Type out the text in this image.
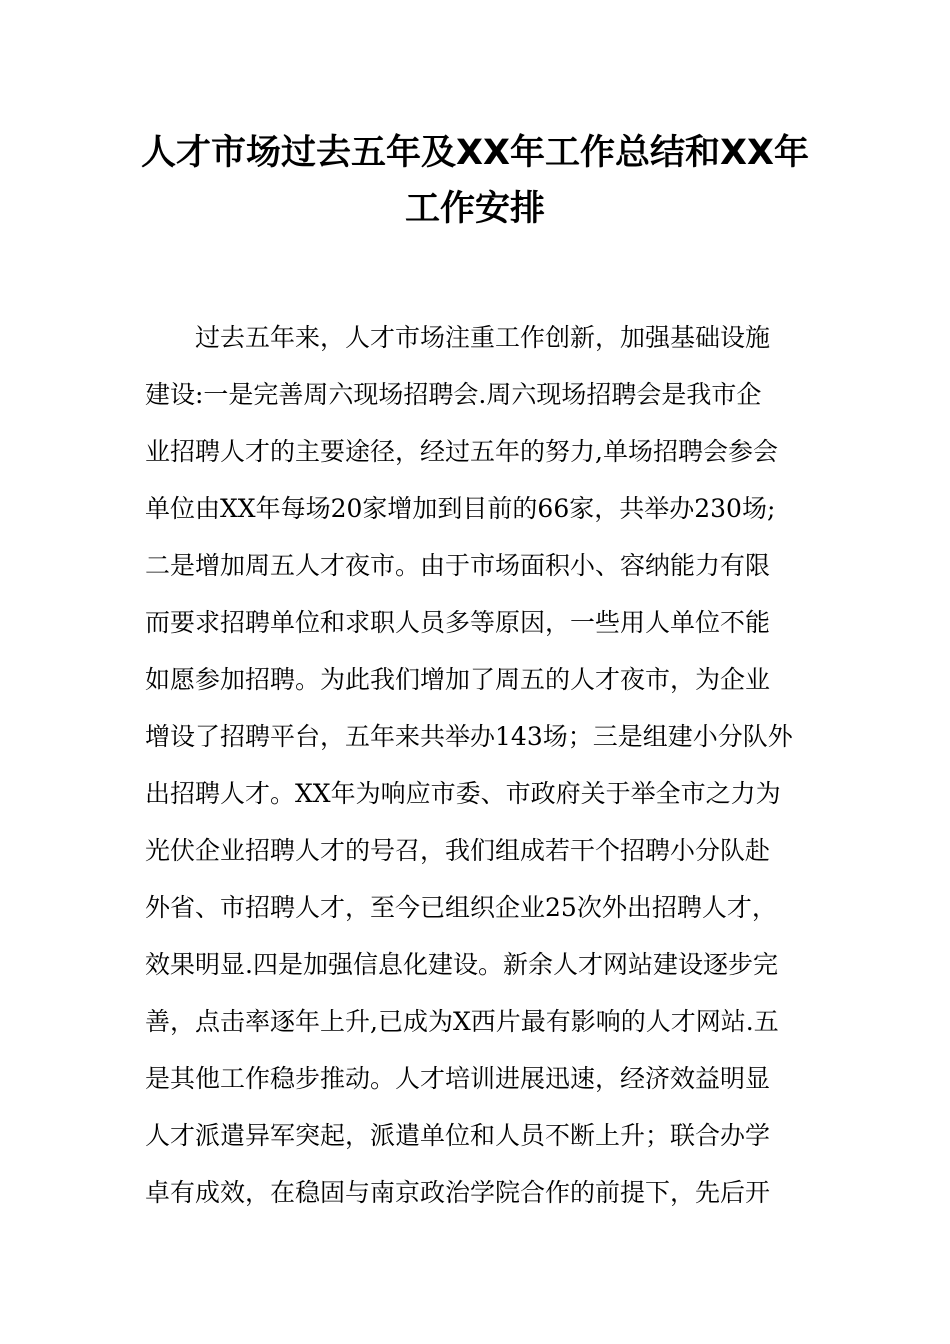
人才市场过去五年及XX年工作总结和XX年
工作安排

过去五年来，人才市场注重工作创新，加强基础设施

建设:一是完善周六现场招聘会.周六现场招聘会是我市企

业招聘人才的主要途径，经过五年的努力,单场招聘会参会

单位由XX年每场20家增加到目前的66家，共举办230场;

二是增加周五人才夜市。由于市场面积小、容纳能力有限

而要求招聘单位和求职人员多等原因，一些用人单位不能

如愿参加招聘。为此我们增加了周五的人才夜市，为企业

增设了招聘平台，五年来共举办143场；三是组建小分队外

出招聘人才。XX年为响应市委、市政府关于举全市之力为

光伏企业招聘人才的号召，我们组成若干个招聘小分队赴

外省、市招聘人才，至今已组织企业25次外出招聘人才，

效果明显.四是加强信息化建设。新余人才网站建设逐步完

善，点击率逐年上升,已成为X西片最有影响的人才网站.五

是其他工作稳步推动。人才培训进展迅速，经济效益明显

人才派遣异军突起，派遣单位和人员不断上升；联合办学

卓有成效，在稳固与南京政治学院合作的前提下，先后开
